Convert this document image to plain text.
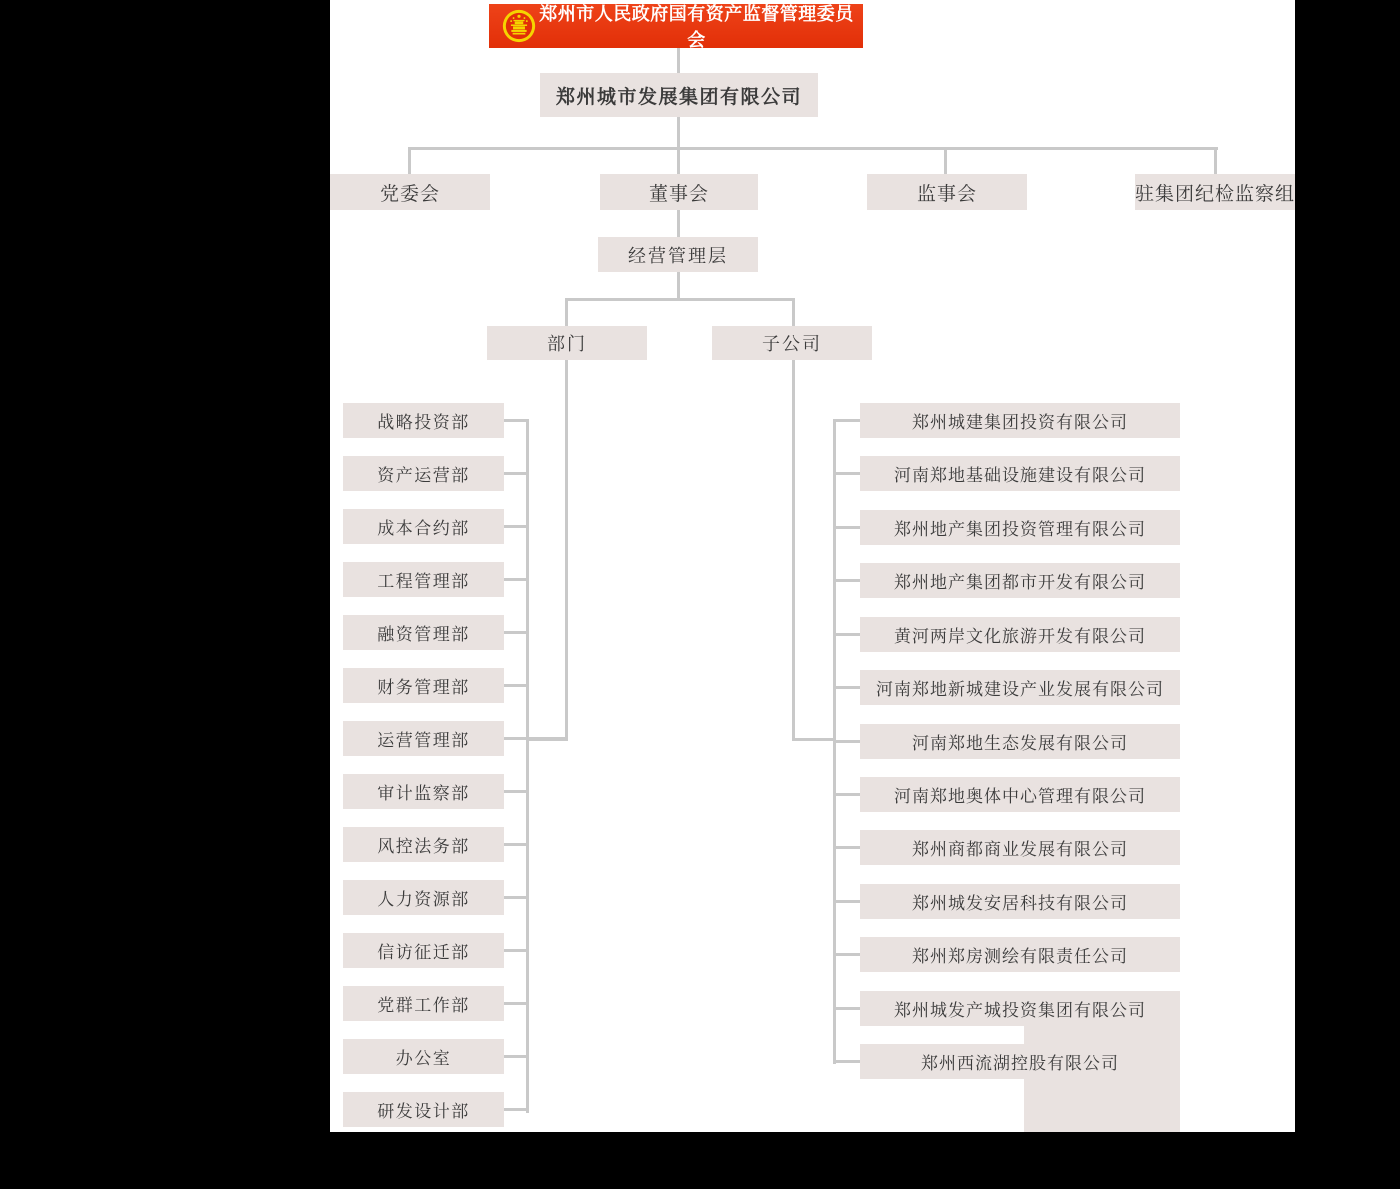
郑州市人民政府国有资产监督管理委员会
郑州城市发展集团有限公司
党委会	董事会	监事会	驻集团纪检监察组
经营管理层
部门	子公司
战略投资部
资产运营部
成本合约部
工程管理部
融资管理部
财务管理部
运营管理部
审计监察部
风控法务部
人力资源部
信访征迁部
党群工作部
办公室
研发设计部
郑州城建集团投资有限公司
河南郑地基础设施建设有限公司
郑州地产集团投资管理有限公司
郑州地产集团都市开发有限公司
黄河两岸文化旅游开发有限公司
河南郑地新城建设产业发展有限公司
河南郑地生态发展有限公司
河南郑地奥体中心管理有限公司
郑州商都商业发展有限公司
郑州城发安居科技有限公司
郑州郑房测绘有限责任公司
郑州城发产城投资集团有限公司
郑州西流湖控股有限公司
